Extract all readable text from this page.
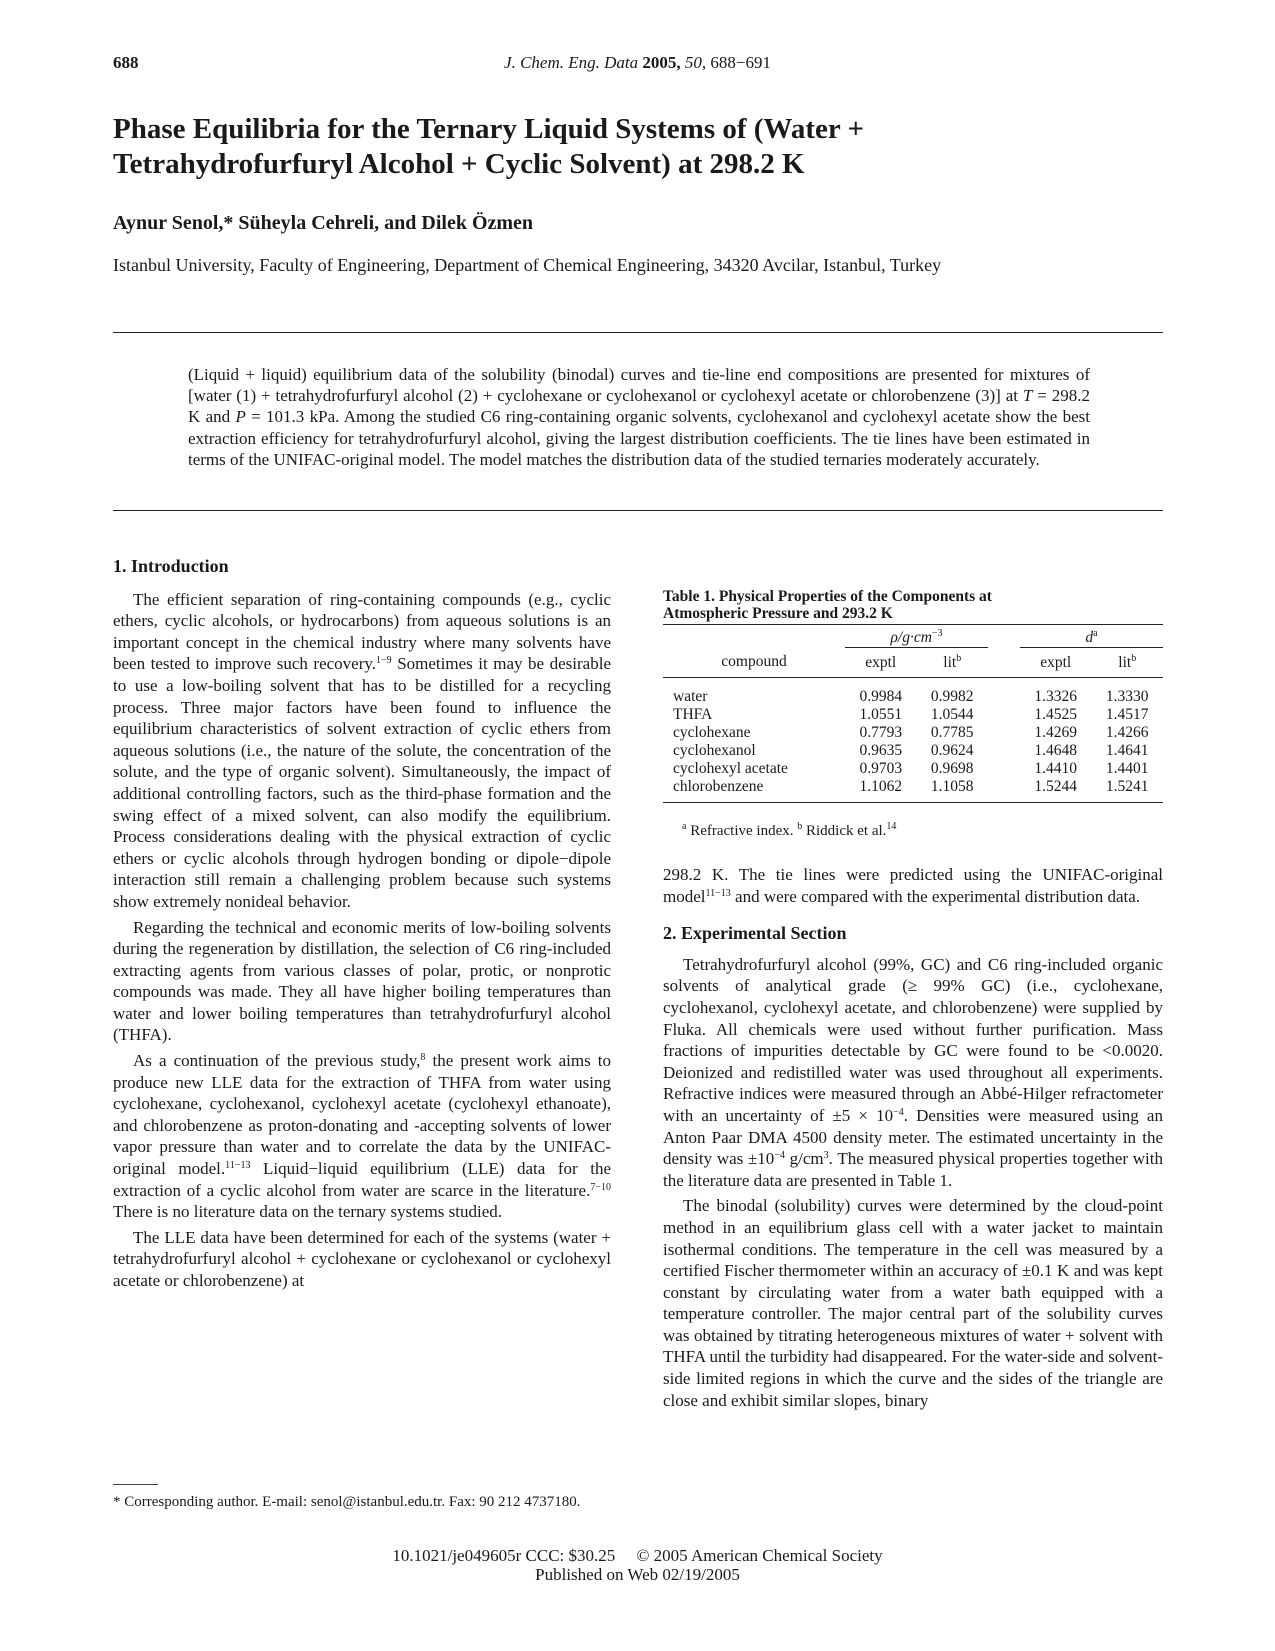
688	J. Chem. Eng. Data 2005, 50, 688−691
Phase Equilibria for the Ternary Liquid Systems of (Water +
Tetrahydrofurfuryl Alcohol + Cyclic Solvent) at 298.2 K
Aynur Senol,* Süheyla Cehreli, and Dilek Özmen
Istanbul University, Faculty of Engineering, Department of Chemical Engineering, 34320 Avcilar, Istanbul, Turkey
(Liquid + liquid) equilibrium data of the solubility (binodal) curves and tie-line end compositions are presented for mixtures of [water (1) + tetrahydrofurfuryl alcohol (2) + cyclohexane or cyclohexanol or cyclohexyl acetate or chlorobenzene (3)] at T = 298.2 K and P = 101.3 kPa. Among the studied C6 ring-containing organic solvents, cyclohexanol and cyclohexyl acetate show the best extraction efficiency for tetrahydrofurfuryl alcohol, giving the largest distribution coefficients. The tie lines have been estimated in terms of the UNIFAC-original model. The model matches the distribution data of the studied ternaries moderately accurately.
1. Introduction

The efficient separation of ring-containing compounds (e.g., cyclic ethers, cyclic alcohols, or hydrocarbons) from aqueous solutions is an important concept in the chemical industry where many solvents have been tested to improve such recovery.$^{1-9}$ Sometimes it may be desirable to use a low-boiling solvent that has to be distilled for a recycling process. Three major factors have been found to influence the equilibrium characteristics of solvent extraction of cyclic ethers from aqueous solutions (i.e., the nature of the solute, the concentration of the solute, and the type of organic solvent). Simultaneously, the impact of additional controlling factors, such as the third-phase formation and the swing effect of a mixed solvent, can also modify the equilibrium. Process considerations dealing with the physical extraction of cyclic ethers or cyclic alcohols through hydrogen bonding or dipole−dipole interaction still remain a challenging problem because such systems show extremely nonideal behavior.

Regarding the technical and economic merits of low-boiling solvents during the regeneration by distillation, the selection of C6 ring-included extracting agents from various classes of polar, protic, or nonprotic compounds was made. They all have higher boiling temperatures than water and lower boiling temperatures than tetrahydrofurfuryl alcohol (THFA).

As a continuation of the previous study,$^8$ the present work aims to produce new LLE data for the extraction of THFA from water using cyclohexane, cyclohexanol, cyclohexyl acetate (cyclohexyl ethanoate), and chlorobenzene as proton-donating and -accepting solvents of lower vapor pressure than water and to correlate the data by the UNIFAC-original model.$^{11-13}$ Liquid−liquid equilibrium (LLE) data for the extraction of a cyclic alcohol from water are scarce in the literature.$^{7-10}$ There is no literature data on the ternary systems studied.

The LLE data have been determined for each of the systems (water + tetrahydrofurfuryl alcohol + cyclohexane or cyclohexanol or cyclohexyl acetate or chlorobenzene) at

* Corresponding author. E-mail: senol@istanbul.edu.tr. Fax: 90 212 4737180.
Table 1. Physical Properties of the Components at
Atmospheric Pressure and 293.2 K
	$\rho/g\cdot cm^{-3}$			$d^a$
compound	exptl	lit$^b$		exptl	lit$^b$

water	0.9984	0.9982		1.3326	1.3330
THFA	1.0551	1.0544		1.4525	1.4517
cyclohexane	0.7793	0.7785		1.4269	1.4266
cyclohexanol	0.9635	0.9624		1.4648	1.4641
cyclohexyl acetate	0.9703	0.9698		1.4410	1.4401
chlorobenzene	1.1062	1.1058		1.5244	1.5241
$^a$ Refractive index. $^b$ Riddick et al.$^{14}$

298.2 K. The tie lines were predicted using the UNIFAC-original model$^{11-13}$ and were compared with the experimental distribution data.

2. Experimental Section

Tetrahydrofurfuryl alcohol (99%, GC) and C6 ring-included organic solvents of analytical grade (≥ 99% GC) (i.e., cyclohexane, cyclohexanol, cyclohexyl acetate, and chlorobenzene) were supplied by Fluka. All chemicals were used without further purification. Mass fractions of impurities detectable by GC were found to be <0.0020. Deionized and redistilled water was used throughout all experiments. Refractive indices were measured through an Abbé-Hilger refractometer with an uncertainty of $\pm 5 \times 10^{-4}$. Densities were measured using an Anton Paar DMA 4500 density meter. The estimated uncertainty in the density was $\pm 10^{-4}$ $g/cm^3$. The measured physical properties together with the literature data are presented in Table 1.

The binodal (solubility) curves were determined by the cloud-point method in an equilibrium glass cell with a water jacket to maintain isothermal conditions. The temperature in the cell was measured by a certified Fischer thermometer within an accuracy of ±0.1 K and was kept constant by circulating water from a water bath equipped with a temperature controller. The major central part of the solubility curves was obtained by titrating heterogeneous mixtures of water + solvent with THFA until the turbidity had disappeared. For the water-side and solvent-side limited regions in which the curve and the sides of the triangle are close and exhibit similar slopes, binary

10.1021/je049605r CCC: $30.25     © 2005 American Chemical Society
Published on Web 02/19/2005
